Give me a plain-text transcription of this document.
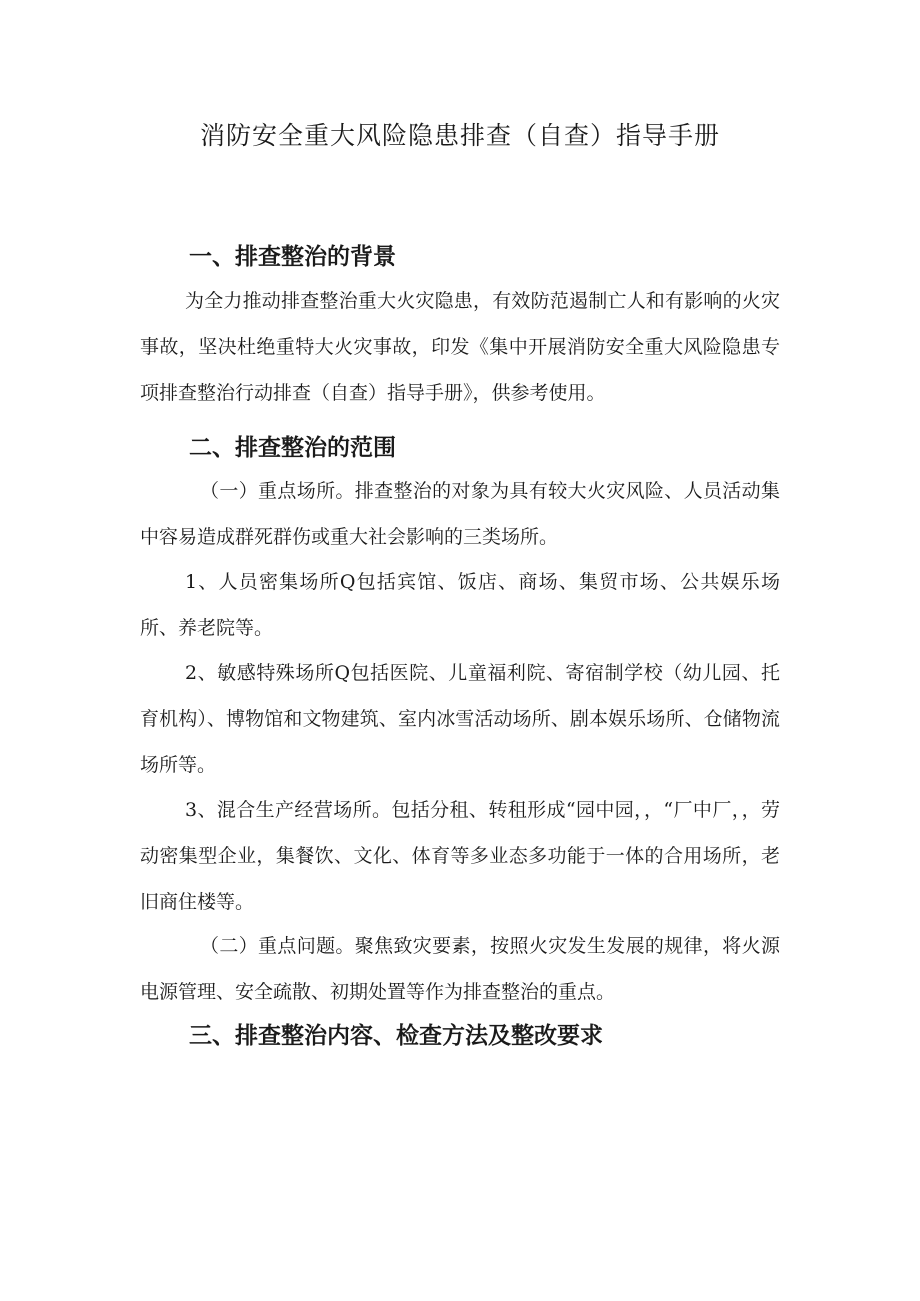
消防安全重大风险隐患排查（自查）指导手册
一、排查整治的背景

为全力推动排查整治重大火灾隐患，有效防范遏制亡人和有影响的火灾事故，坚决杜绝重特大火灾事故，印发《集中开展消防安全重大风险隐患专项排查整治行动排查（自查）指导手册》，供参考使用。

二、排查整治的范围

（一）重点场所。排查整治的对象为具有较大火灾风险、人员活动集中容易造成群死群伤或重大社会影响的三类场所。

1、人员密集场所Q包括宾馆、饭店、商场、集贸市场、公共娱乐场所、养老院等。

2、敏感特殊场所Q包括医院、儿童福利院、寄宿制学校（幼儿园、托育机构）、博物馆和文物建筑、室内冰雪活动场所、剧本娱乐场所、仓储物流场所等。

3、混合生产经营场所。包括分租、转租形成“园中园，，“厂中厂，，劳动密集型企业，集餐饮、文化、体育等多业态多功能于一体的合用场所，老旧商住楼等。

（二）重点问题。聚焦致灾要素，按照火灾发生发展的规律，将火源电源管理、安全疏散、初期处置等作为排查整治的重点。

三、排查整治内容、检查方法及整改要求
